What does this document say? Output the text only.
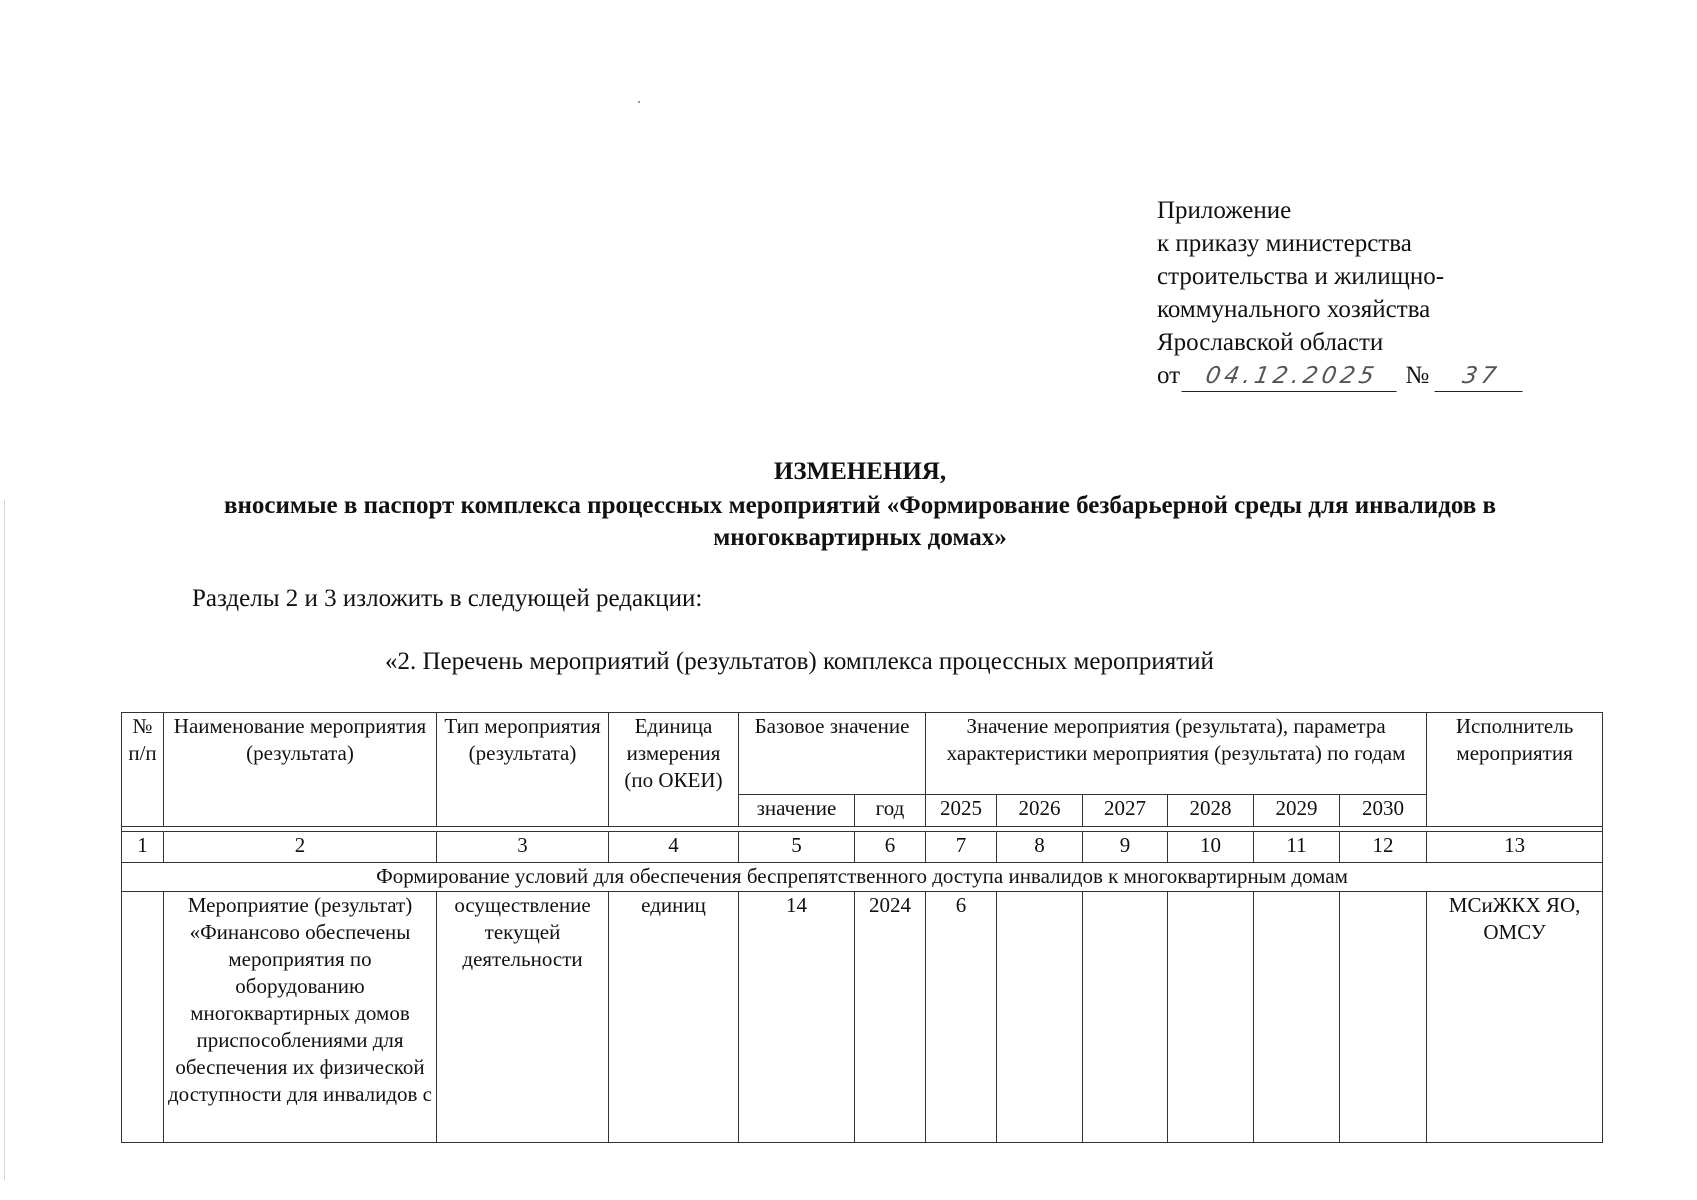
Приложение
к приказу министерства
строительства и жилищно-
коммунального хозяйства
Ярославской области
от 04.12.2025 № 37
ИЗМЕНЕНИЯ,
вносимые в паспорт комплекса процессных мероприятий «Формирование безбарьерной среды для инвалидов в многоквартирных домах»
Разделы 2 и 3 изложить в следующей редакции:
«2. Перечень мероприятий (результатов) комплекса процессных мероприятий
№ п/п	Наименование мероприятия (результата)	Тип мероприятия (результата)	Единица измерения (по ОКЕИ)	Базовое значение		Значение мероприятия (результата), параметра характеристики мероприятия (результата) по годам						Исполнитель мероприятия
				значение	год	2025	2026	2027	2028	2029	2030	

1	2	3	4	5	6	7	8	9	10	11	12	13
Формирование условий для обеспечения беспрепятственного доступа инвалидов к многоквартирным домам												
	Мероприятие (результат) «Финансово обеспечены мероприятия по оборудованию многоквартирных домов приспособлениями для обеспечения их физической доступности для инвалидов с	осуществление текущей деятельности	единиц	14	2024	6						МСиЖКХ ЯО, ОМСУ
